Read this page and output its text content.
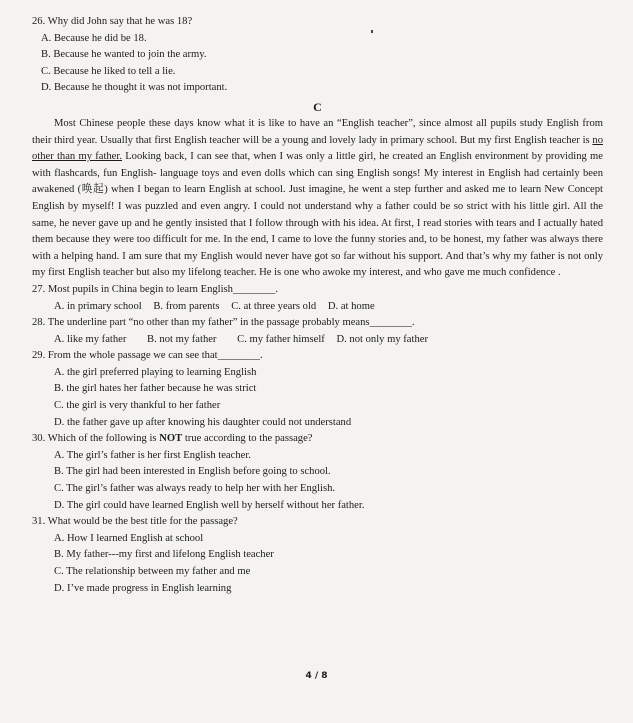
26. Why did John say that he was 18?

A. Because he did be 18.

B. Because he wanted to join the army.

C. Because he liked to tell a lie.

D. Because he thought it was not important.

C

Most Chinese people these days know what it is like to have an “English teacher”, since almost all pupils study English from their third year. Usually that first English teacher will be a young and lovely lady in primary school. But my first English teacher is no other than my father. Looking back, I can see that, when I was only a little girl, he created an English environment by providing me with flashcards, fun English- language toys and even dolls which can sing English songs! My interest in English had certainly been awakened (唤起) when I began to learn English at school. Just imagine, he went a step further and asked me to learn New Concept English by myself! I was puzzled and even angry. I could not understand why a father could be so strict with his little girl. All the same, he never gave up and he gently insisted that I follow through with his idea. At first, I read stories with tears and I actually hated them because they were too difficult for me. In the end, I came to love the funny stories and, to be honest, my father was always there with a helping hand. I am sure that my English would never have got so far without his support. And that’s why my father is not only my first English teacher but also my lifelong teacher. He is one who awoke my interest, and who gave me much confidence .

27. Most pupils in China begin to learn English________.

A. in primary school B. from parents C. at three years old D. at home

28. The underline part “no other than my father” in the passage probably means________.

A. like my father B. not my father C. my father himself D. not only my father

29. From the whole passage we can see that________.

A. the girl preferred playing to learning English

B. the girl hates her father because he was strict

C. the girl is very thankful to her father

D. the father gave up after knowing his daughter could not understand

30. Which of the following is NOT true according to the passage?

A. The girl’s father is her first English teacher.

B. The girl had been interested in English before going to school.

C. The girl’s father was always ready to help her with her English.

D. The girl could have learned English well by herself without her father.

31. What would be the best title for the passage?

A. How I learned English at school

B. My father---my first and lifelong English teacher

C. The relationship between my father and me

D. I’ve made progress in English learning

4 / 8
